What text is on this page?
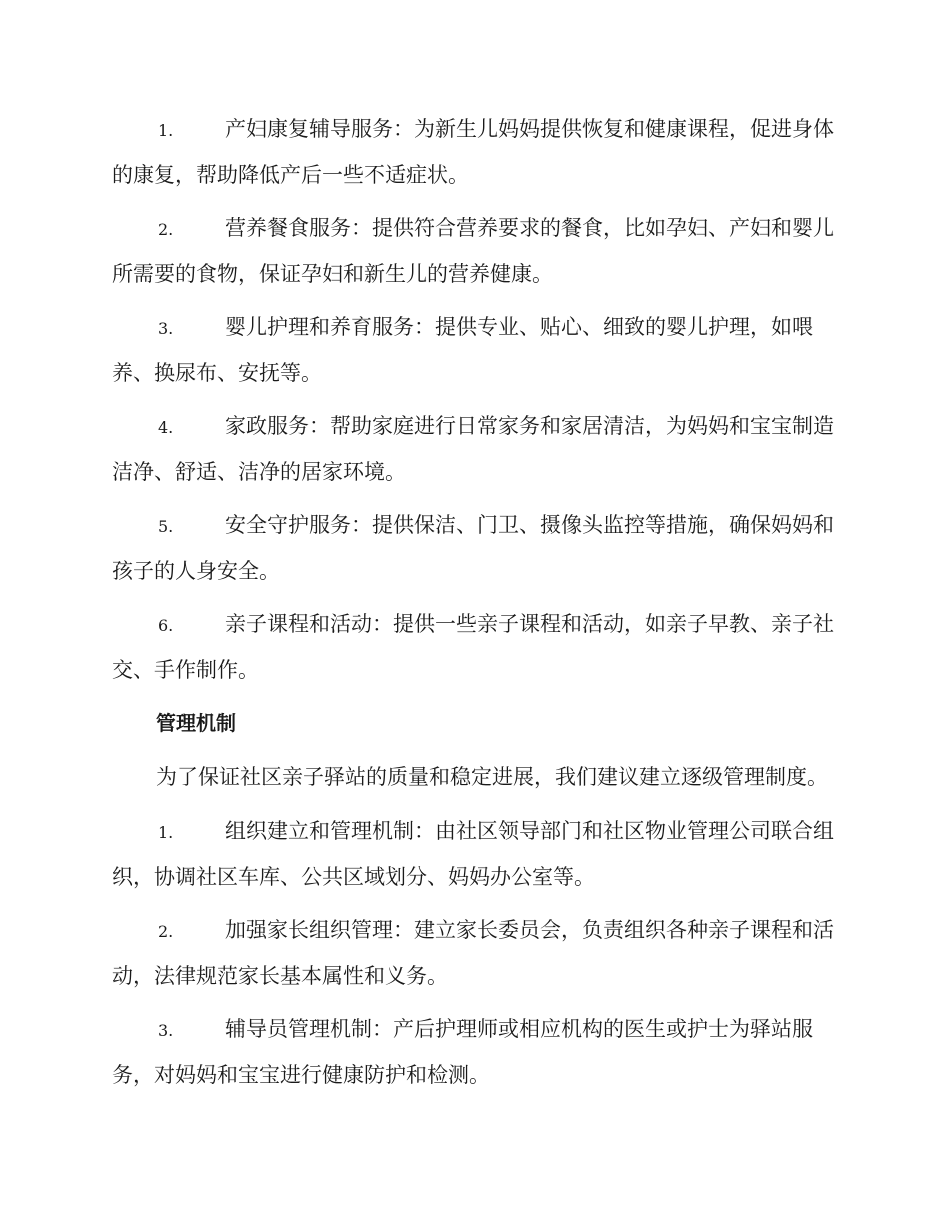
1. 产妇康复辅导服务：为新生儿妈妈提供恢复和健康课程，促进身体的康复，帮助降低产后一些不适症状。

2. 营养餐食服务：提供符合营养要求的餐食，比如孕妇、产妇和婴儿所需要的食物，保证孕妇和新生儿的营养健康。

3. 婴儿护理和养育服务：提供专业、贴心、细致的婴儿护理，如喂养、换尿布、安抚等。

4. 家政服务：帮助家庭进行日常家务和家居清洁，为妈妈和宝宝制造洁净、舒适、洁净的居家环境。

5. 安全守护服务：提供保洁、门卫、摄像头监控等措施，确保妈妈和孩子的人身安全。

6. 亲子课程和活动：提供一些亲子课程和活动，如亲子早教、亲子社交、手作制作。

管理机制

为了保证社区亲子驿站的质量和稳定进展，我们建议建立逐级管理制度。

1. 组织建立和管理机制：由社区领导部门和社区物业管理公司联合组织，协调社区车库、公共区域划分、妈妈办公室等。

2. 加强家长组织管理：建立家长委员会，负责组织各种亲子课程和活动，法律规范家长基本属性和义务。

3. 辅导员管理机制：产后护理师或相应机构的医生或护士为驿站服务，对妈妈和宝宝进行健康防护和检测。
